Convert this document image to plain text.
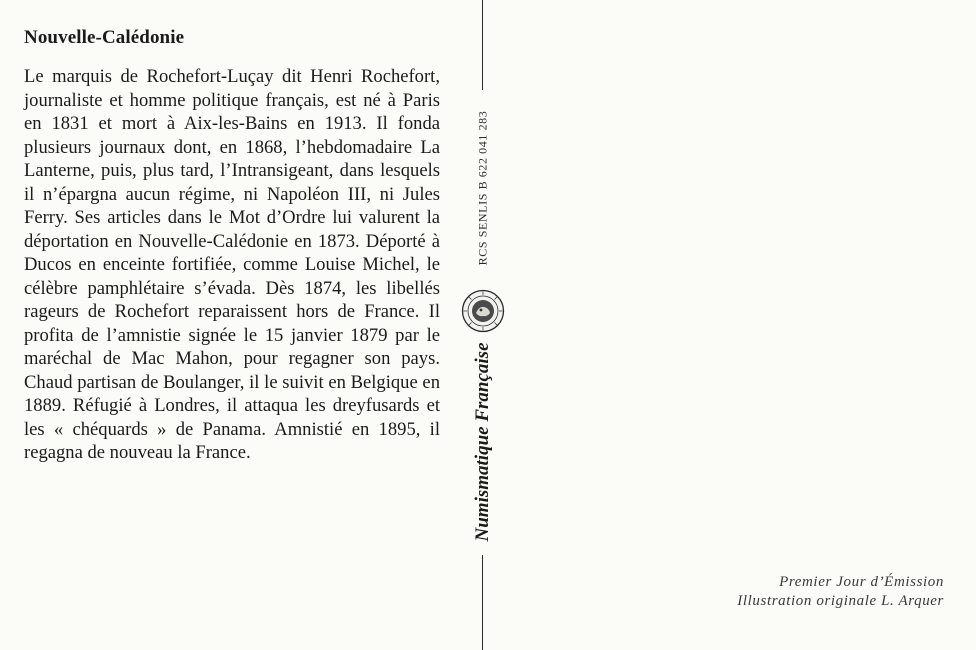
Nouvelle-Calédonie
Le marquis de Rochefort-Luçay dit Henri Rochefort, journaliste et homme politique français, est né à Paris en 1831 et mort à Aix-les-Bains en 1913. Il fonda plusieurs journaux dont, en 1868, l’hebdomadaire La Lanterne, puis, plus tard, l’Intransigeant, dans lesquels il n’épargna aucun régime, ni Napoléon III, ni Jules Ferry. Ses articles dans le Mot d’Ordre lui valurent la déportation en Nouvelle-Calédonie en 1873. Déporté à Ducos en enceinte fortifiée, comme Louise Michel, le célèbre pamphlétaire s’évada. Dès 1874, les libellés rageurs de Rochefort reparaissent hors de France. Il profita de l’amnistie signée le 15 janvier 1879 par le maréchal de Mac Mahon, pour regagner son pays. Chaud partisan de Boulanger, il le suivit en Belgique en 1889. Réfugié à Londres, il attaqua les dreyfusards et les « chéquards » de Panama. Amnistié en 1895, il regagna de nouveau la France.
RCS SENLIS B 622 041 283
Numismatique Française
Premier Jour d’Émission
Illustration originale L. Arquer
